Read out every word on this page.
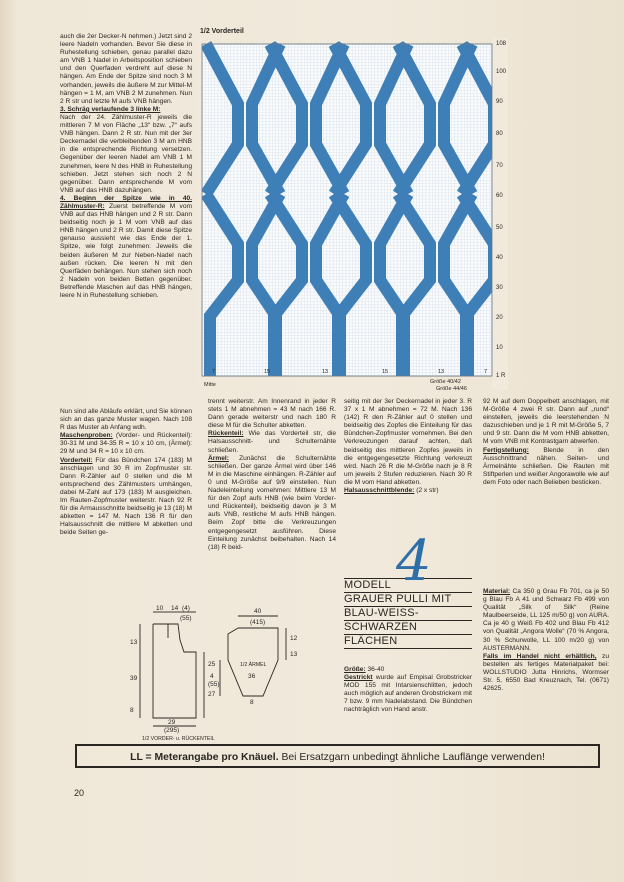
auch die 2er Decker-N nehmen.) Jetzt sind 2 leere Nadeln vorhanden. Bevor Sie diese in Ruhestellung schieben, genau parallel dazu am VNB 1 Nadel in Arbeitsposition schieben und den Querfaden verdreht auf diese N hängen. Am Ende der Spitze sind noch 3 M vorhanden, jeweils die äußere M zur Mittel-M hängen = 1 M, am VNB 2 M zunehmen. Nun 2 R str und letzte M aufs VNB hängen.

3. Schräg verlaufende 3 linke M:

Nach der 24. Zählmuster-R jeweils die mittleren 7 M von Fläche „13“ bzw. „7“ aufs VNB hängen. Dann 2 R str. Nun mit der 3er Deckernadel die verbleibenden 3 M am HNB in die entsprechende Richtung versetzen. Gegenüber der leeren Nadel am VNB 1 M zunehmen, leere N des HNB in Ruhestellung schieben. Jetzt stehen sich noch 2 N gegenüber. Dann entsprechende M vom VNB auf das HNB dazuhängen.

4. Beginn der Spitze wie in 40. Zählmuster-R: Zuerst betreffende M vom VNB auf das HNB hängen und 2 R str. Dann beidseitig noch je 1 M vom VNB auf das HNB hängen und 2 R str. Damit diese Spitze genauso aussieht wie das Ende der 1. Spitze, wie folgt zunehmen: Jeweils die beiden äußeren M zur Neben-Nadel nach außen rücken. Die leeren N mit den Querfäden behängen. Nun stehen sich noch 2 Nadeln von beiden Betten gegenüber. Betreffende Maschen auf das HNB hängen, leere N in Ruhestellung schieben.

Nun sind alle Abläufe erklärt, und Sie können sich an das ganze Muster wagen. Nach 108 R das Muster ab Anfang wdh.

Maschenproben: (Vorder- und Rückenteil): 30-31 M und 34-35 R = 10 x 10 cm, (Ärmel): 29 M und 34 R = 10 x 10 cm.

Vorderteil: Für das Bündchen 174 (183) M anschlagen und 30 R im Zopfmuster str. Dann R-Zähler auf 0 stellen und die M entsprechend des Zählmusters umhängen, dabei M-Zahl auf 173 (183) M ausgleichen. Im Rauten-Zopfmuster weiterstr. Nach 92 R für die Armausschnitte beidseitig je 13 (18) M abketten = 147 M. Nach 136 R für den Halsausschnitt die mittlere M abketten und beide Seiten ge-

1/2 Vorderteil
108
100
90
80
70
60
50
40
30
20
10
1 R
7	15	13	15	13	7
Mitte	Größe 40/42
Größe 44/46

trennt weiterstr. Am Innenrand in jeder R stets 1 M abnehmen = 43 M nach 166 R. Dann gerade weiterstr und nach 180 R diese M für die Schulter abketten.

Rückenteil: Wie das Vorderteil str, die Halsausschnitt- und Schulternähte schließen.

Ärmel: Zunächst die Schulternähte schließen. Der ganze Ärmel wird über 146 M in die Maschine einhängen. R-Zähler auf 0 und M-Größe auf 9/9 einstellen. Nun Nadeleinteilung vornehmen: Mittlere 13 M für den Zopf aufs HNB (wie beim Vorder- und Rückenteil), beidseitig davon je 3 M aufs VNB, restliche M aufs HNB hängen. Beim Zopf bitte die Verkreuzungen entgegengesetzt ausführen. Diese Einteilung zunächst beibehalten. Nach 14 (18) R beid-

seitig mit der 3er Deckernadel in jeder 3. R 37 x 1 M abnehmen = 72 M. Nach 136 (142) R den R-Zähler auf 0 stellen und beidseitig des Zopfes die Einteilung für das Bündchen-Zopfmuster vornehmen. Bei den Verkreuzungen darauf achten, daß beidseitig des mittleren Zopfes jeweils in die entgegengesetzte Richtung verkreuzt wird. Nach 26 R die M-Größe nach je 8 R um jeweils 2 Stufen reduzieren. Nach 30 R die M vom Hand abketten.

Halsausschnittblende: (2 x str)

92 M auf dem Doppelbett anschlagen, mit M-Größe 4 zwei R str. Dann auf „rund“ einstellen, jeweils die leerstehenden N dazuschieben und je 1 R mit M-Größe 5, 7 und 9 str. Dann die M vom HNB abketten, M vom VNB mit Kontrastgarn abwerfen.

Fertigstellung: Blende in den Ausschnittrand nähen. Seiten- und Ärmelnähte schließen. Die Rauten mit Stiftperlen und weißer Angorawolle wie auf dem Foto oder nach Belieben besticken.

4
MODELL
GRAUER PULLI MIT
BLAU-WEISS-
SCHWARZEN
FLÄCHEN

Material: Ca 350 g Grau Fb 701, ca je 50 g Blau Fb A 41 und Schwarz Fb 499 von Qualität „Silk of Silk“ (Reine Maulbeerseide, LL 125 m/50 g) von AURA. Ca je 40 g Weiß Fb 402 und Blau Fb 412 von Qualität „Angora Wolle“ (70 % Angora, 30 % Schurwolle, LL 100 m/20 g) von AUSTERMANN.

Falls im Handel nicht erhältlich, zu bestellen als fertiges Materialpaket bei: WOLLSTUDIO Jutta Hinrichs, Wormser Str. 5, 6550 Bad Kreuznach, Tel. (0671) 42625.

Größe: 36-40

Gestrickt wurde auf Empisal Grobstricker MOD 155 mit Intarsienschlitten, jedoch auch möglich auf anderen Grobstrickern mit 7 bzw. 9 mm Nadelabstand. Die Bündchen nachträglich von Hand anstr.

10 14 (4)
(55)
13
39
8
25
27
29
(295)
1/2 VORDER- u. RÜCKENTEIL
40
(415)
12
13
4
(55)
36
8
1/2 ÄRMEL
LL = Meterangabe pro Knäuel. Bei Ersatzgarn unbedingt ähnliche Lauflänge verwenden!
20
